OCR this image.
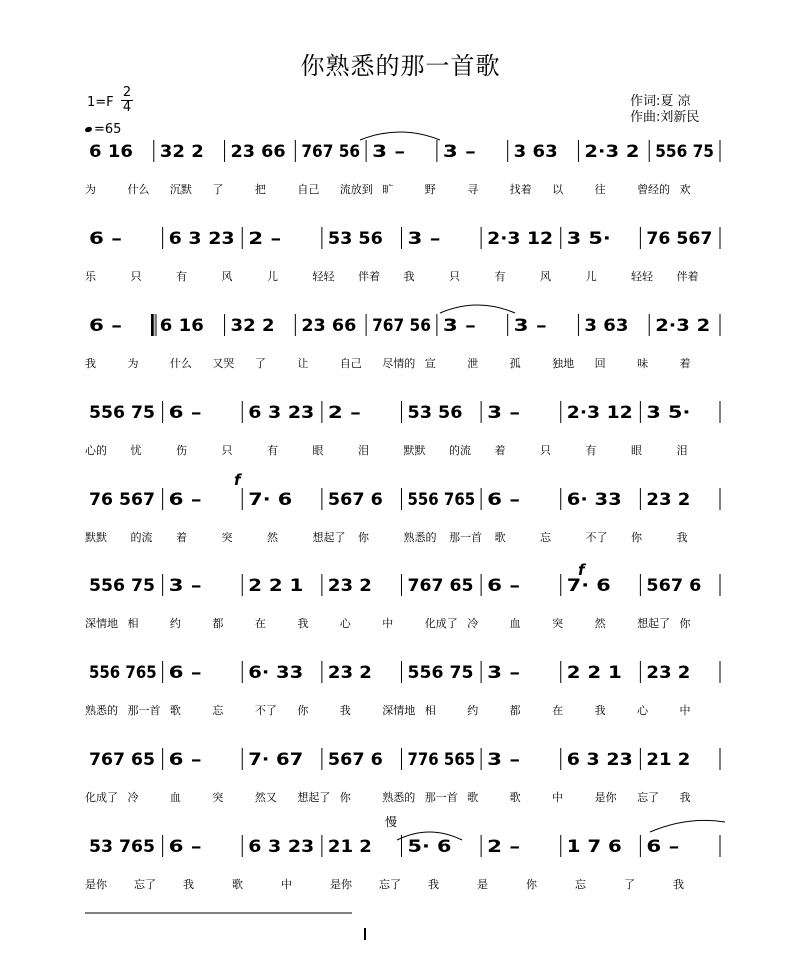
你熟悉的那一首歌
$1=F \frac{2}{4}$
=65
作词:夏 凉
作曲:刘新民
6 16 32 2 23 66 767 56 3 – 3 – 3 63 2·3 2 556 75
为	什么 沉默 了	把	自己 流放到 旷	野	寻	找着 以	往	曾经的 欢
6 –	6 3 23 2 –	53 56 3 –	2·3 12 3 5· 76 567
乐	只	有	风	儿	轻轻 伴着 我	只	有	风	儿	轻轻 伴着
6 – 6 16 32 2 23 66 767 56 3 – 3 – 3 63 2·3 2
我	为	什么 又哭 了	让	自己 尽情的 宣	泄	孤	独地 回	味	着
556 75 6 –	6 3 23 2 –	53 56 3 –	2·3 12 3 5·
心的 忧	伤	只	有	眼	泪	默默 的流 着	只	有	眼	泪
76 567 6 –	7· 6 567 6 556 765 6 –	6· 33 23 2
默默 的流 着	突	然	想起了 你	熟悉的 那一首 歌	忘	不了 你	我
556 75 3 –	2 2 1 23 2 767 65 6 –	7· 6 567 6
深情地 相	约	都	在	我	心	中	化成了 冷	血	突	然	想起了 你
556 765 6 –	6· 33 23 2 556 75 3 –	2 2 1 23 2
熟悉的 那一首 歌	忘	不了 你	我	深情地 相	约	都	在	我	心	中
767 65 6 –	7· 67 567 6 776 565 3 –	6 3 23 21 2
化成了 冷	血	突	然又 想起了 你	熟悉的 那一首 歌	歌	中	是你 忘了 我
53 765 6 –	6 3 23 21 2 5· 6 2 –	1 7 6 6 –
是你 忘了 我	歌	中	是你 忘了 我	是	你	忘	了	我
f
f
慢
